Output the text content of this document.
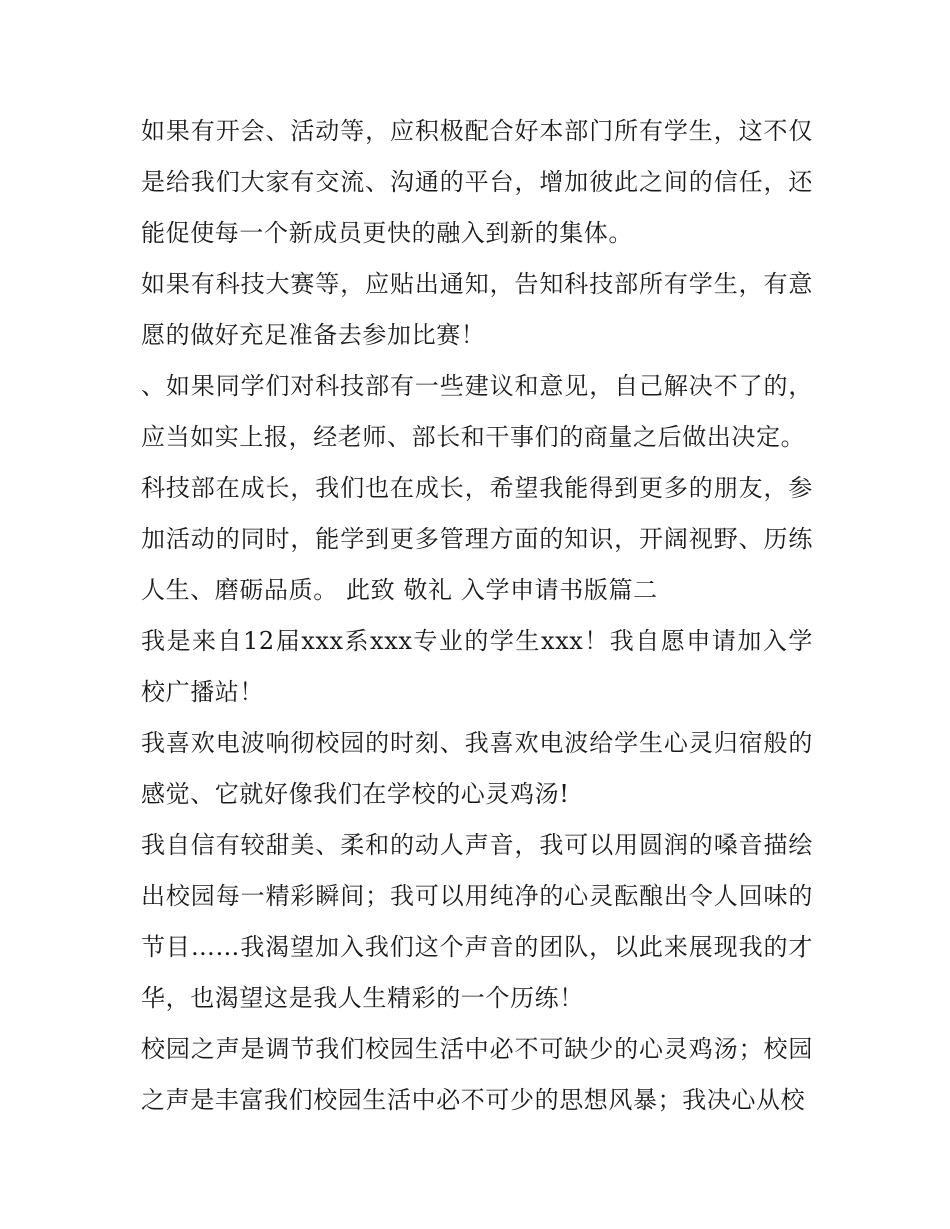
如果有开会、活动等，应积极配合好本部门所有学生，这不仅是给我们大家有交流、沟通的平台，增加彼此之间的信任，还能促使每一个新成员更快的融入到新的集体。

如果有科技大赛等，应贴出通知，告知科技部所有学生，有意愿的做好充足准备去参加比赛！

、如果同学们对科技部有一些建议和意见，自己解决不了的，应当如实上报，经老师、部长和干事们的商量之后做出决定。

科技部在成长，我们也在成长，希望我能得到更多的朋友，参加活动的同时，能学到更多管理方面的知识，开阔视野、历练人生、磨砺品质。 此致 敬礼 入学申请书版篇二

我是来自12届xxx系xxx专业的学生xxx！我自愿申请加入学校广播站！

我喜欢电波响彻校园的时刻、我喜欢电波给学生心灵归宿般的感觉、它就好像我们在学校的心灵鸡汤!

我自信有较甜美、柔和的动人声音，我可以用圆润的嗓音描绘出校园每一精彩瞬间；我可以用纯净的心灵酝酿出令人回味的节目……我渴望加入我们这个声音的团队，以此来展现我的才华，也渴望这是我人生精彩的一个历练！

校园之声是调节我们校园生活中必不可缺少的心灵鸡汤；校园之声是丰富我们校园生活中必不可少的思想风暴；我决心从校
